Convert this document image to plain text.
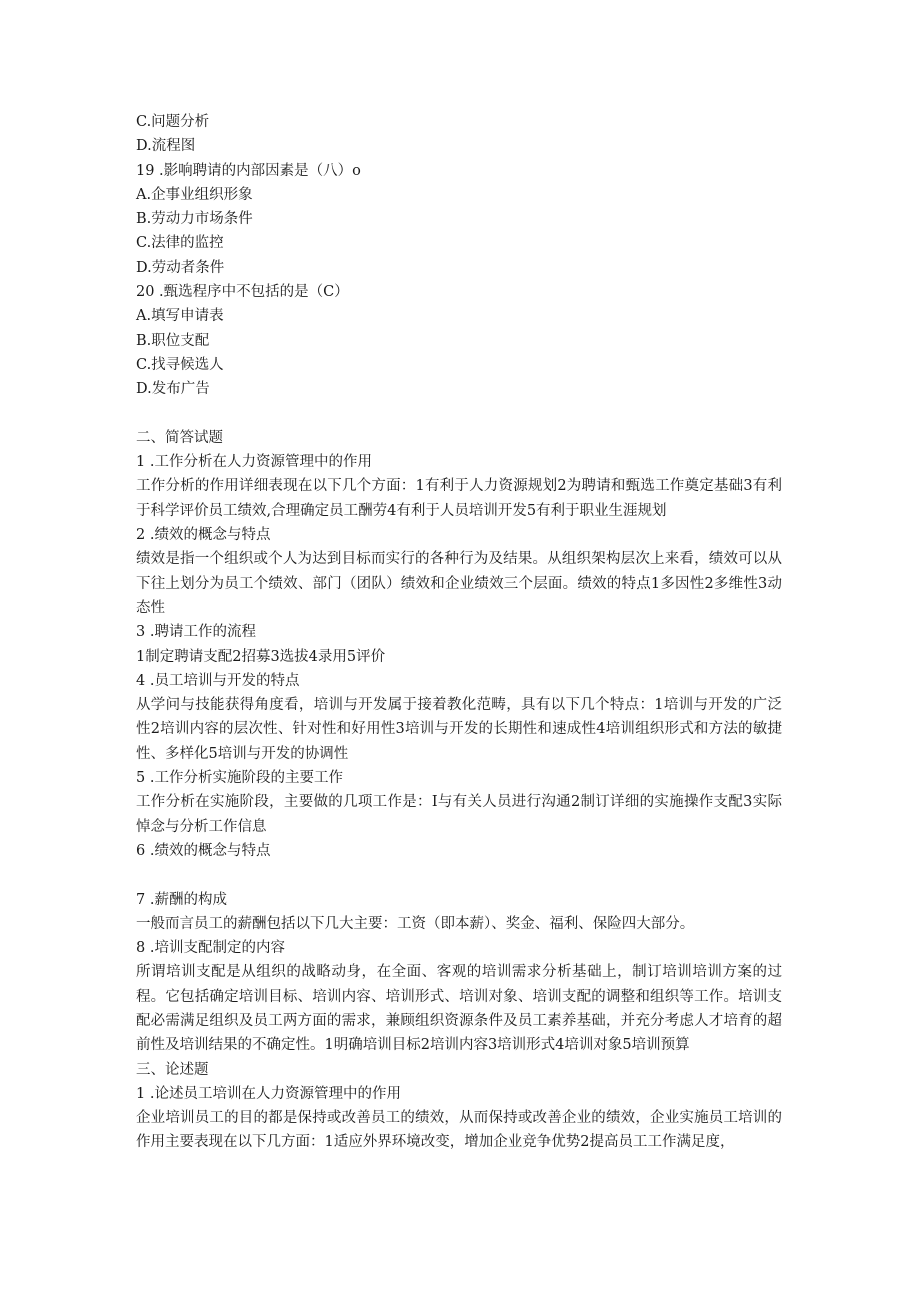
C.问题分析

D.流程图

19 .影响聘请的内部因素是（八）o

A.企事业组织形象

B.劳动力市场条件

C.法律的监控

D.劳动者条件

20 .甄选程序中不包括的是（C）

A.填写申请表

B.职位支配

C.找寻候选人

D.发布广告

二、简答试题

1 .工作分析在人力资源管理中的作用

工作分析的作用详细表现在以下几个方面：1有利于人力资源规划2为聘请和甄选工作奠定基础3有利于科学评价员工绩效,合理确定员工酬劳4有利于人员培训开发5有利于职业生涯规划

2 .绩效的概念与特点

绩效是指一个组织或个人为达到目标而实行的各种行为及结果。从组织架构层次上来看，绩效可以从下往上划分为员工个绩效、部门（团队）绩效和企业绩效三个层面。绩效的特点1多因性2多维性3动态性

3 .聘请工作的流程

1制定聘请支配2招募3选拔4录用5评价

4 .员工培训与开发的特点

从学问与技能获得角度看，培训与开发属于接着教化范畴，具有以下几个特点：1培训与开发的广泛性2培训内容的层次性、针对性和好用性3培训与开发的长期性和速成性4培训组织形式和方法的敏捷性、多样化5培训与开发的协调性

5 .工作分析实施阶段的主要工作

工作分析在实施阶段，主要做的几项工作是：I与有关人员进行沟通2制订详细的实施操作支配3实际悼念与分析工作信息

6 .绩效的概念与特点

7 .薪酬的构成

一般而言员工的薪酬包括以下几大主要：工资（即本薪）、奖金、福利、保险四大部分。

8 .培训支配制定的内容

所谓培训支配是从组织的战略动身，在全面、客观的培训需求分析基础上，制订培训培训方案的过程。它包括确定培训目标、培训内容、培训形式、培训对象、培训支配的调整和组织等工作。培训支配必需满足组织及员工两方面的需求，兼顾组织资源条件及员工素养基础，并充分考虑人才培育的超前性及培训结果的不确定性。1明确培训目标2培训内容3培训形式4培训对象5培训预算

三、论述题

1 .论述员工培训在人力资源管理中的作用

企业培训员工的目的都是保持或改善员工的绩效，从而保持或改善企业的绩效，企业实施员工培训的作用主要表现在以下几方面：1适应外界环境改变，增加企业竞争优势2提高员工工作满足度，
